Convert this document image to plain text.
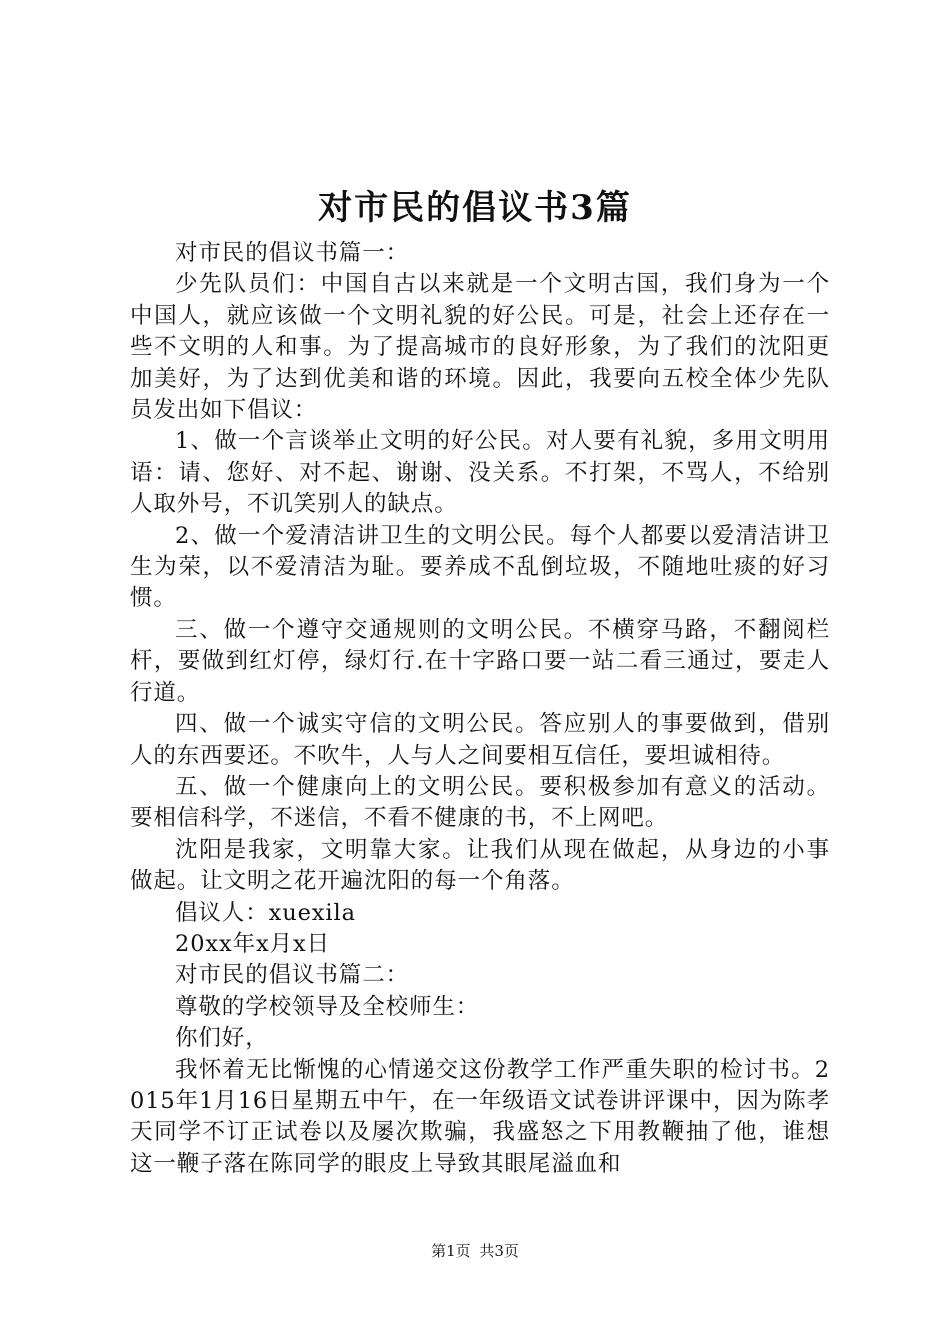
对市民的倡议书3篇

对市民的倡议书篇一：

少先队员们：中国自古以来就是一个文明古国，我们身为一个中国人，就应该做一个文明礼貌的好公民。可是，社会上还存在一些不文明的人和事。为了提高城市的良好形象，为了我们的沈阳更加美好，为了达到优美和谐的环境。因此，我要向五校全体少先队员发出如下倡议：

1、做一个言谈举止文明的好公民。对人要有礼貌，多用文明用语：请、您好、对不起、谢谢、没关系。不打架，不骂人，不给别人取外号，不讥笑别人的缺点。

2、做一个爱清洁讲卫生的文明公民。每个人都要以爱清洁讲卫生为荣，以不爱清洁为耻。要养成不乱倒垃圾，不随地吐痰的好习惯。

三、做一个遵守交通规则的文明公民。不横穿马路，不翻阅栏杆，要做到红灯停，绿灯行.在十字路口要一站二看三通过，要走人行道。

四、做一个诚实守信的文明公民。答应别人的事要做到，借别人的东西要还。不吹牛，人与人之间要相互信任，要坦诚相待。

五、做一个健康向上的文明公民。要积极参加有意义的活动。要相信科学，不迷信，不看不健康的书，不上网吧。

沈阳是我家，文明靠大家。让我们从现在做起，从身边的小事做起。让文明之花开遍沈阳的每一个角落。

倡议人：xuexila

20xx年x月x日

对市民的倡议书篇二：

尊敬的学校领导及全校师生：

你们好，

我怀着无比惭愧的心情递交这份教学工作严重失职的检讨书。2015年1月16日星期五中午，在一年级语文试卷讲评课中，因为陈孝天同学不订正试卷以及屡次欺骗，我盛怒之下用教鞭抽了他，谁想这一鞭子落在陈同学的眼皮上导致其眼尾溢血和

第1页 共3页
